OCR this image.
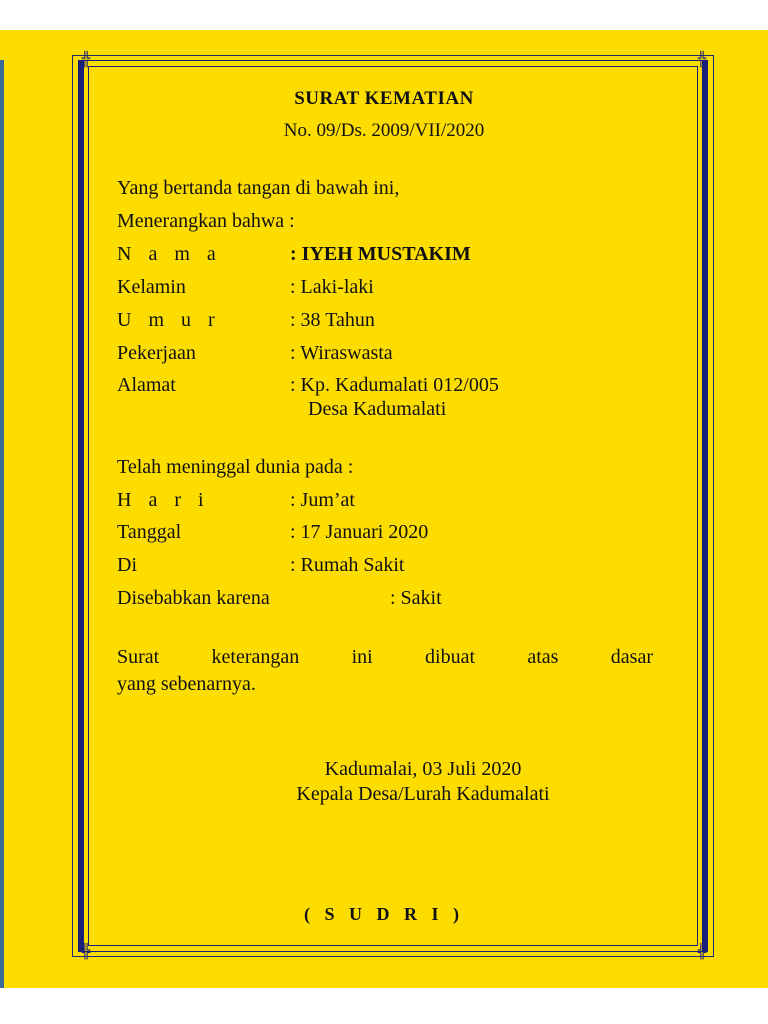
╬	╬
╬	╬
SURAT KEMATIAN
No. 09/Ds. 2009/VII/2020
Yang bertanda tangan di bawah ini,
Menerangkan bahwa :
N a m a	: IYEH MUSTAKIM
Kelamin	: Laki-laki
U m u r	: 38 Tahun
Pekerjaan	: Wiraswasta
Alamat	: Kp. Kadumalati 012/005
Desa Kadumalati
Telah meninggal dunia pada :
H a r i	: Jum’at
Tanggal	: 17 Januari 2020
Di	: Rumah Sakit
Disebabkan karena	: Sakit
Surat keterangan ini dibuat atas dasar
yang sebenarnya.
Kadumalai, 03 Juli 2020
Kepala Desa/Lurah Kadumalati
( S U D R I )
